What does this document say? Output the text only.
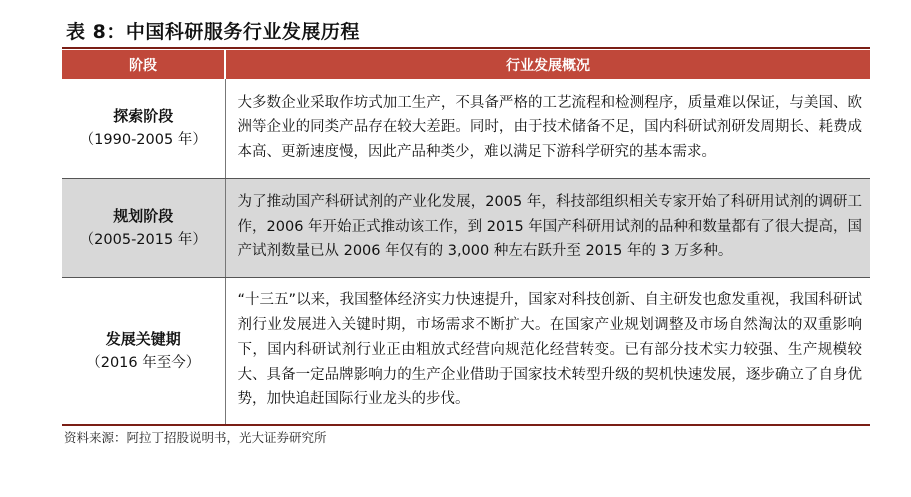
表 8：中国科研服务行业发展历程
阶段	行业发展概况

探索阶段
（1990-2005 年）	大多数企业采取作坊式加工生产，不具备严格的工艺流程和检测程序，质量难以保证，与美国、欧洲等企业的同类产品存在较大差距。同时，由于技术储备不足，国内科研试剂研发周期长、耗费成本高、更新速度慢，因此产品种类少，难以满足下游科学研究的基本需求。

规划阶段
（2005-2015 年）	为了推动国产科研试剂的产业化发展，2005 年，科技部组织相关专家开始了科研用试剂的调研工作，2006 年开始正式推动该工作，到 2015 年国产科研用试剂的品种和数量都有了很大提高，国产试剂数量已从 2006 年仅有的 3,000 种左右跃升至 2015 年的 3 万多种。

发展关键期
（2016 年至今）	“十三五”以来，我国整体经济实力快速提升，国家对科技创新、自主研发也愈发重视，我国科研试剂行业发展进入关键时期，市场需求不断扩大。在国家产业规划调整及市场自然淘汰的双重影响下，国内科研试剂行业正由粗放式经营向规范化经营转变。已有部分技术实力较强、生产规模较大、具备一定品牌影响力的生产企业借助于国家技术转型升级的契机快速发展，逐步确立了自身优势，加快追赶国际行业龙头的步伐。
资料来源：阿拉丁招股说明书，光大证券研究所
